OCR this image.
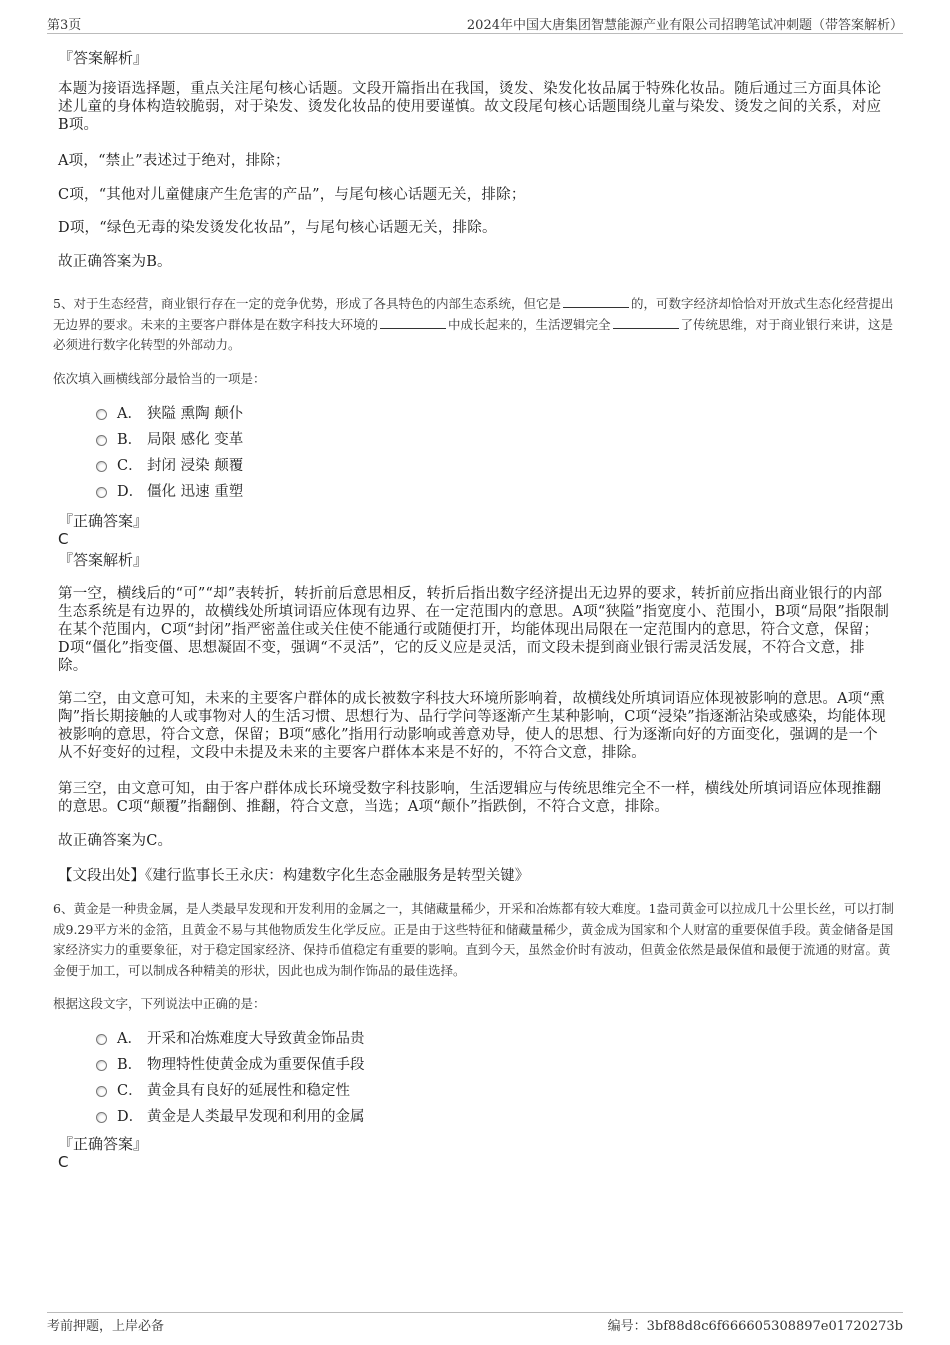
第3页	2024年中国大唐集团智慧能源产业有限公司招聘笔试冲刺题（带答案解析）
『答案解析』
本题为接语选择题，重点关注尾句核心话题。文段开篇指出在我国，烫发、染发化妆品属于特殊化妆品。随后通过三方面具体论述儿童的身体构造较脆弱，对于染发、烫发化妆品的使用要谨慎。故文段尾句核心话题围绕儿童与染发、烫发之间的关系，对应B项。
A项，“禁止”表述过于绝对，排除；
C项，“其他对儿童健康产生危害的产品”，与尾句核心话题无关，排除；
D项，“绿色无毒的染发烫发化妆品”，与尾句核心话题无关，排除。
故正确答案为B。
5、对于生态经营，商业银行存在一定的竞争优势，形成了各具特色的内部生态系统，但它是	的，可数字经济却恰恰对开放式生态化经营提出无边界的要求。未来的主要客户群体是在数字科技大环境的	中成长起来的，生活逻辑完全	了传统思维，对于商业银行来讲，这是必须进行数字化转型的外部动力。
依次填入画横线部分最恰当的一项是：
A． 狭隘 熏陶 颠仆
B． 局限 感化 变革
C． 封闭 浸染 颠覆
D． 僵化 迅速 重塑
『正确答案』
C
『答案解析』
第一空，横线后的“可”“却”表转折，转折前后意思相反，转折后指出数字经济提出无边界的要求，转折前应指出商业银行的内部生态系统是有边界的，故横线处所填词语应体现有边界、在一定范围内的意思。A项“狭隘”指宽度小、范围小，B项“局限”指限制在某个范围内，C项“封闭”指严密盖住或关住使不能通行或随便打开，均能体现出局限在一定范围内的意思，符合文意，保留；D项“僵化”指变僵、思想凝固不变，强调“不灵活”，它的反义应是灵活，而文段未提到商业银行需灵活发展，不符合文意，排除。
第二空，由文意可知，未来的主要客户群体的成长被数字科技大环境所影响着，故横线处所填词语应体现被影响的意思。A项“熏陶”指长期接触的人或事物对人的生活习惯、思想行为、品行学问等逐渐产生某种影响，C项“浸染”指逐渐沾染或感染，均能体现被影响的意思，符合文意，保留；B项“感化”指用行动影响或善意劝导，使人的思想、行为逐渐向好的方面变化，强调的是一个从不好变好的过程，文段中未提及未来的主要客户群体本来是不好的，不符合文意，排除。
第三空，由文意可知，由于客户群体成长环境受数字科技影响，生活逻辑应与传统思维完全不一样，横线处所填词语应体现推翻的意思。C项“颠覆”指翻倒、推翻，符合文意，当选；A项“颠仆”指跌倒，不符合文意，排除。
故正确答案为C。
【文段出处】《建行监事长王永庆：构建数字化生态金融服务是转型关键》
6、黄金是一种贵金属，是人类最早发现和开发利用的金属之一，其储藏量稀少，开采和冶炼都有较大难度。1盎司黄金可以拉成几十公里长丝，可以打制成9.29平方米的金箔，且黄金不易与其他物质发生化学反应。正是由于这些特征和储藏量稀少，黄金成为国家和个人财富的重要保值手段。黄金储备是国家经济实力的重要象征，对于稳定国家经济、保持币值稳定有重要的影响。直到今天，虽然金价时有波动，但黄金依然是最保值和最便于流通的财富。黄金便于加工，可以制成各种精美的形状，因此也成为制作饰品的最佳选择。
根据这段文字，下列说法中正确的是：
A． 开采和冶炼难度大导致黄金饰品贵
B． 物理特性使黄金成为重要保值手段
C． 黄金具有良好的延展性和稳定性
D． 黄金是人类最早发现和利用的金属
『正确答案』
C
考前押题，上岸必备	编号：3bf88d8c6f666605308897e01720273b
